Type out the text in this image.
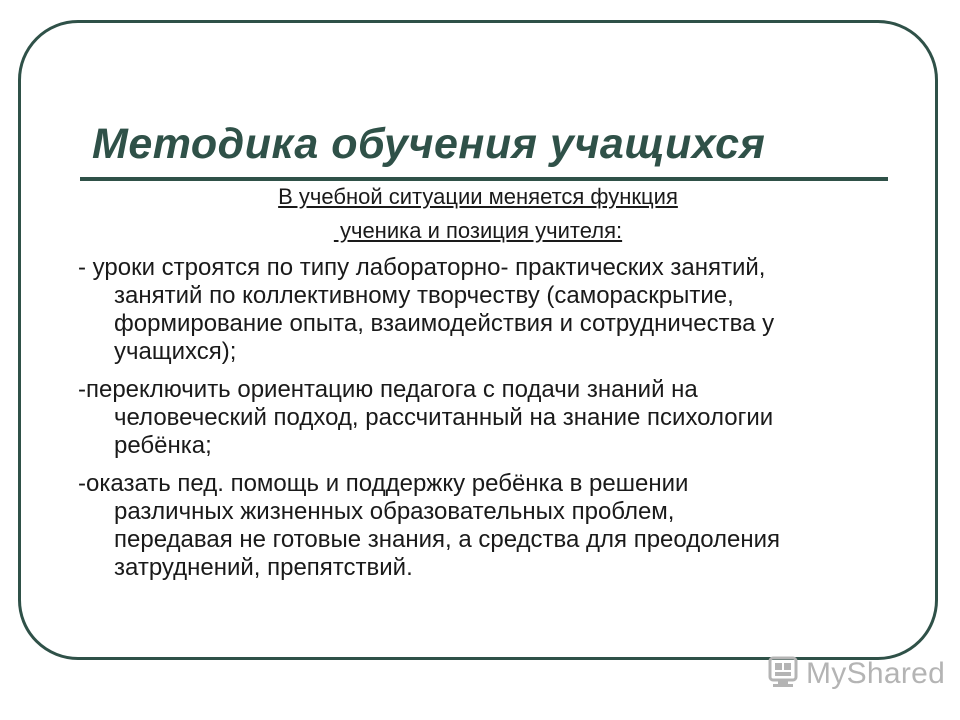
Методика обучения учащихся
В учебной ситуации меняется функция
ученика и позиция учителя:
- уроки строятся по типу лабораторно- практических занятий,
занятий по коллективному творчеству (самораскрытие,
формирование опыта, взаимодействия и сотрудничества у
учащихся);
-переключить ориентацию педагога с подачи знаний на
человеческий подход, рассчитанный на знание психологии
ребёнка;
-оказать пед. помощь и поддержку ребёнка в решении
различных жизненных образовательных проблем,
передавая не готовые знания, а средства для преодоления
затруднений, препятствий.
MyShared
